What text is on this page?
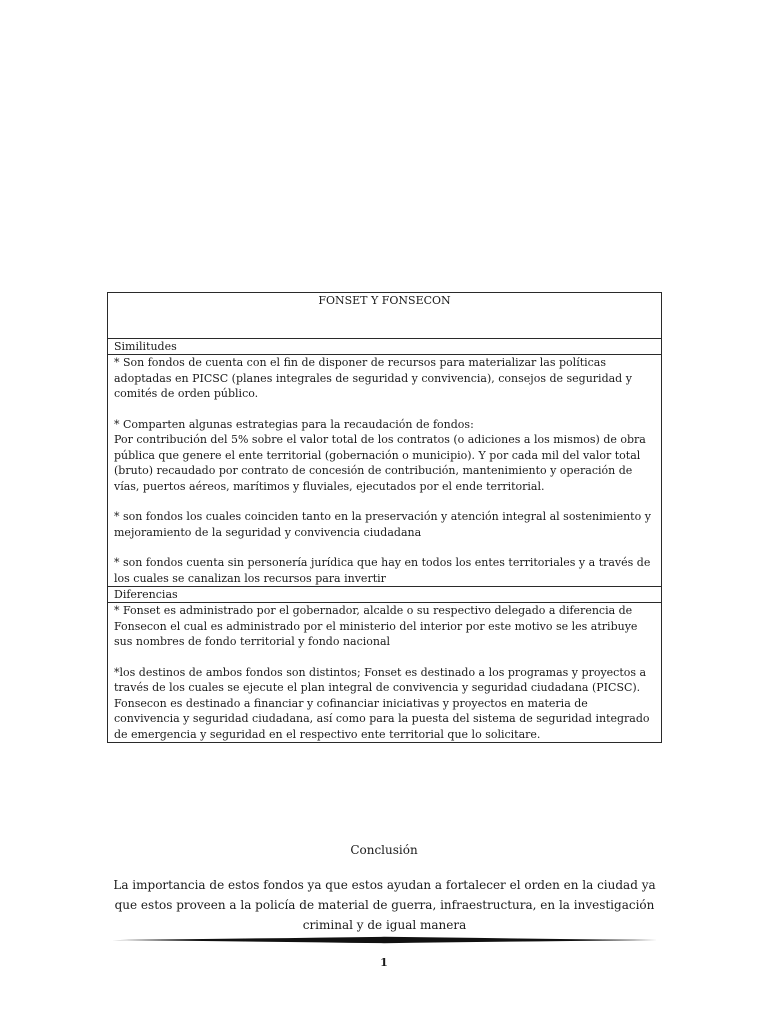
FONSET Y FONSECON
Similitudes

* Son fondos de cuenta con el fin de disponer de recursos para materializar las políticas adoptadas en PICSC (planes integrales de seguridad y convivencia), consejos de seguridad y comités de orden público.

* Comparten algunas estrategias para la recaudación de fondos:

Por contribución del 5% sobre el valor total de los contratos (o adiciones a los mismos) de obra pública que genere el ente territorial (gobernación o municipio). Y por cada mil del valor total (bruto) recaudado por contrato de concesión de contribución, mantenimiento y operación de vías, puertos aéreos, marítimos y fluviales, ejecutados por el ende territorial.

* son fondos los cuales coinciden tanto en la preservación y atención integral al sostenimiento y mejoramiento de la seguridad y convivencia ciudadana

* son fondos cuenta sin personería jurídica que hay en todos los entes territoriales y a través de los cuales se canalizan los recursos para invertir

Diferencias

* Fonset es administrado por el gobernador, alcalde o su respectivo delegado a diferencia de Fonsecon el cual es administrado por el ministerio del interior por este motivo se les atribuye sus nombres de fondo territorial y fondo nacional

*los destinos de ambos fondos son distintos; Fonset es destinado a los programas y proyectos a través de los cuales se ejecute el plan integral de convivencia y seguridad ciudadana (PICSC).

Fonsecon es destinado a financiar y cofinanciar iniciativas y proyectos en materia de convivencia y seguridad ciudadana, así como para la puesta del sistema de seguridad integrado de emergencia y seguridad en el respectivo ente territorial que lo solicitare.

Conclusión
La importancia de estos fondos ya que estos ayudan a fortalecer el orden en la ciudad ya que estos proveen a la policía de material de guerra, infraestructura, en la investigación criminal y de igual manera
1
